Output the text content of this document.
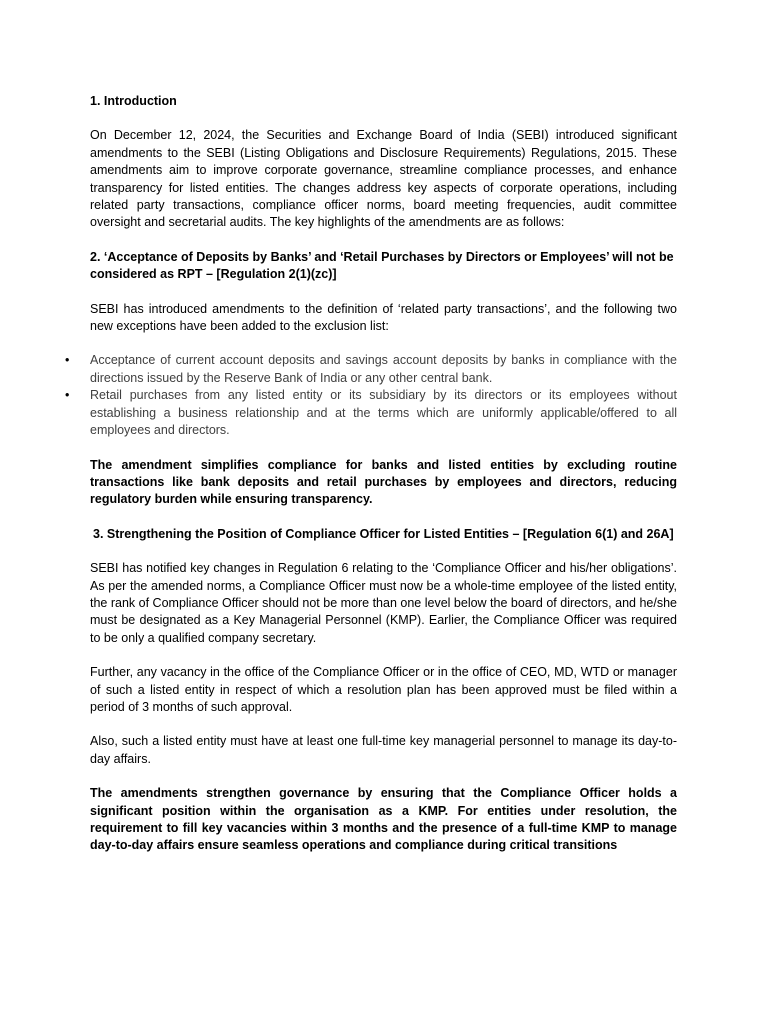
1. Introduction

On December 12, 2024, the Securities and Exchange Board of India (SEBI) introduced significant amendments to the SEBI (Listing Obligations and Disclosure Requirements) Regulations, 2015. These amendments aim to improve corporate governance, streamline compliance processes, and enhance transparency for listed entities. The changes address key aspects of corporate operations, including related party transactions, compliance officer norms, board meeting frequencies, audit committee oversight and secretarial audits. The key highlights of the amendments are as follows:

2. ‘Acceptance of Deposits by Banks’ and ‘Retail Purchases by Directors or Employees’ will not be considered as RPT – [Regulation 2(1)(zc)]

SEBI has introduced amendments to the definition of ‘related party transactions’, and the following two new exceptions have been added to the exclusion list:

• Acceptance of current account deposits and savings account deposits by banks in compliance with the directions issued by the Reserve Bank of India or any other central bank.
• Retail purchases from any listed entity or its subsidiary by its directors or its employees without establishing a business relationship and at the terms which are uniformly applicable/offered to all employees and directors.

The amendment simplifies compliance for banks and listed entities by excluding routine transactions like bank deposits and retail purchases by employees and directors, reducing regulatory burden while ensuring transparency.

3. Strengthening the Position of Compliance Officer for Listed Entities – [Regulation 6(1) and 26A]

SEBI has notified key changes in Regulation 6 relating to the ‘Compliance Officer and his/her obligations’. As per the amended norms, a Compliance Officer must now be a whole-time employee of the listed entity, the rank of Compliance Officer should not be more than one level below the board of directors, and he/she must be designated as a Key Managerial Personnel (KMP). Earlier, the Compliance Officer was required to be only a qualified company secretary.

Further, any vacancy in the office of the Compliance Officer or in the office of CEO, MD, WTD or manager of such a listed entity in respect of which a resolution plan has been approved must be filed within a period of 3 months of such approval.

Also, such a listed entity must have at least one full-time key managerial personnel to manage its day-to-day affairs.

The amendments strengthen governance by ensuring that the Compliance Officer holds a significant position within the organisation as a KMP. For entities under resolution, the requirement to fill key vacancies within 3 months and the presence of a full-time KMP to manage day-to-day affairs ensure seamless operations and compliance during critical transitions
